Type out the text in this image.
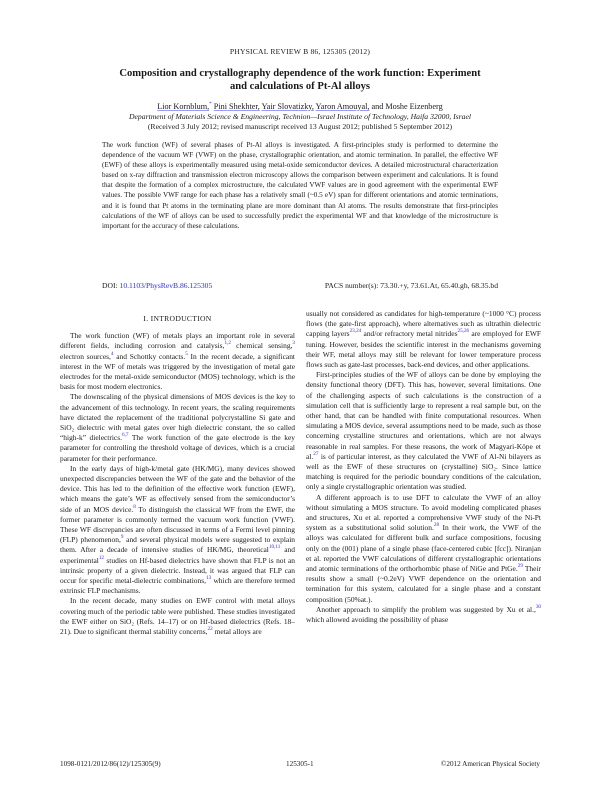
PHYSICAL REVIEW B 86, 125305 (2012)
Composition and crystallography dependence of the work function: Experiment
and calculations of Pt-Al alloys
Lior Kornblum,* Pini Shekhter, Yair Slovatizky, Yaron Amouyal, and Moshe Eizenberg
Department of Materials Science & Engineering, Technion—Israel Institute of Technology, Haifa 32000, Israel
(Received 3 July 2012; revised manuscript received 13 August 2012; published 5 September 2012)
The work function (WF) of several phases of Pt-Al alloys is investigated. A first-principles study is performed to determine the dependence of the vacuum WF (VWF) on the phase, crystallographic orientation, and atomic termination. In parallel, the effective WF (EWF) of these alloys is experimentally measured using metal-oxide semiconductor devices. A detailed microstructural characterization based on x-ray diffraction and transmission electron microscopy allows the comparison between experiment and calculations. It is found that despite the formation of a complex microstructure, the calculated VWF values are in good agreement with the experimental EWF values. The possible VWF range for each phase has a relatively small (~0.5 eV) span for different orientations and atomic terminations, and it is found that Pt atoms in the terminating plane are more dominant than Al atoms. The results demonstrate that first-principles calculations of the WF of alloys can be used to successfully predict the experimental WF and that knowledge of the microstructure is important for the accuracy of these calculations.
DOI: 10.1103/PhysRevB.86.125305	PACS number(s): 73.30.+y, 73.61.At, 65.40.gh, 68.35.bd
I. INTRODUCTION

The work function (WF) of metals plays an important role in several different fields, including corrosion and catalysis,$^{1,2}$ chemical sensing,$^3$ electron sources,$^4$ and Schottky contacts.$^5$ In the recent decade, a significant interest in the WF of metals was triggered by the investigation of metal gate electrodes for the metal-oxide semiconductor (MOS) technology, which is the basis for most modern electronics.

The downscaling of the physical dimensions of MOS devices is the key to the advancement of this technology. In recent years, the scaling requirements have dictated the replacement of the traditional polycrystalline Si gate and SiO₂ dielectric with metal gates over high dielectric constant, the so called “high-k” dielectrics.$^{6,7}$ The work function of the gate electrode is the key parameter for controlling the threshold voltage of devices, which is a crucial parameter for their performance.

In the early days of high-k/metal gate (HK/MG), many devices showed unexpected discrepancies between the WF of the gate and the behavior of the device. This has led to the definition of the effective work function (EWF), which means the gate’s WF as effectively sensed from the semiconductor’s side of an MOS device.$^8$ To distinguish the classical WF from the EWF, the former parameter is commonly termed the vacuum work function (VWF). These WF discrepancies are often discussed in terms of a Fermi level pinning (FLP) phenomenon,$^9$ and several physical models were suggested to explain them. After a decade of intensive studies of HK/MG, theoretical$^{10,11}$ and experimental$^{12}$ studies on Hf-based dielectrics have shown that FLP is not an intrinsic property of a given dielectric. Instead, it was argued that FLP can occur for specific metal-dielectric combinations,$^{13}$ which are therefore termed extrinsic FLP mechanisms.

In the recent decade, many studies on EWF control with metal alloys covering much of the periodic table were published. These studies investigated the EWF either on SiO₂ (Refs. 14–17) or on Hf-based dielectrics (Refs. 18–21). Due to significant thermal stability concerns,$^{22}$ metal alloys are

usually not considered as candidates for high-temperature (~1000 °C) process flows (the gate-first approach), where alternatives such as ultrathin dielectric capping layers$^{23,24}$ and/or refractory metal nitrides$^{25,26}$ are employed for EWF tuning. However, besides the scientific interest in the mechanisms governing their WF, metal alloys may still be relevant for lower temperature process flows such as gate-last processes, back-end devices, and other applications.

First-principles studies of the WF of alloys can be done by employing the density functional theory (DFT). This has, however, several limitations. One of the challenging aspects of such calculations is the construction of a simulation cell that is sufficiently large to represent a real sample but, on the other hand, that can be handled with finite computational resources. When simulating a MOS device, several assumptions need to be made, such as those concerning crystalline structures and orientations, which are not always reasonable in real samples. For these reasons, the work of Magyari-Köpe et al.$^{27}$ is of particular interest, as they calculated the VWF of Al-Ni bilayers as well as the EWF of these structures on (crystalline) SiO₂. Since lattice matching is required for the periodic boundary conditions of the calculation, only a single crystallographic orientation was studied.

A different approach is to use DFT to calculate the VWF of an alloy without simulating a MOS structure. To avoid modeling complicated phases and structures, Xu et al. reported a comprehensive VWF study of the Ni-Pt system as a substitutional solid solution.$^{28}$ In their work, the VWF of the alloys was calculated for different bulk and surface compositions, focusing only on the (001) plane of a single phase (face-centered cubic [fcc]). Niranjan et al. reported the VWF calculations of different crystallographic orientations and atomic terminations of the orthorhombic phase of NiGe and PtGe.$^{29}$ Their results show a small (~0.2eV) VWF dependence on the orientation and termination for this system, calculated for a single phase and a constant composition (50%at.).

Another approach to simplify the problem was suggested by Xu et al.,$^{30}$ which allowed avoiding the possibility of phase

1098-0121/2012/86(12)/125305(9)	125305-1	©2012 American Physical Society
